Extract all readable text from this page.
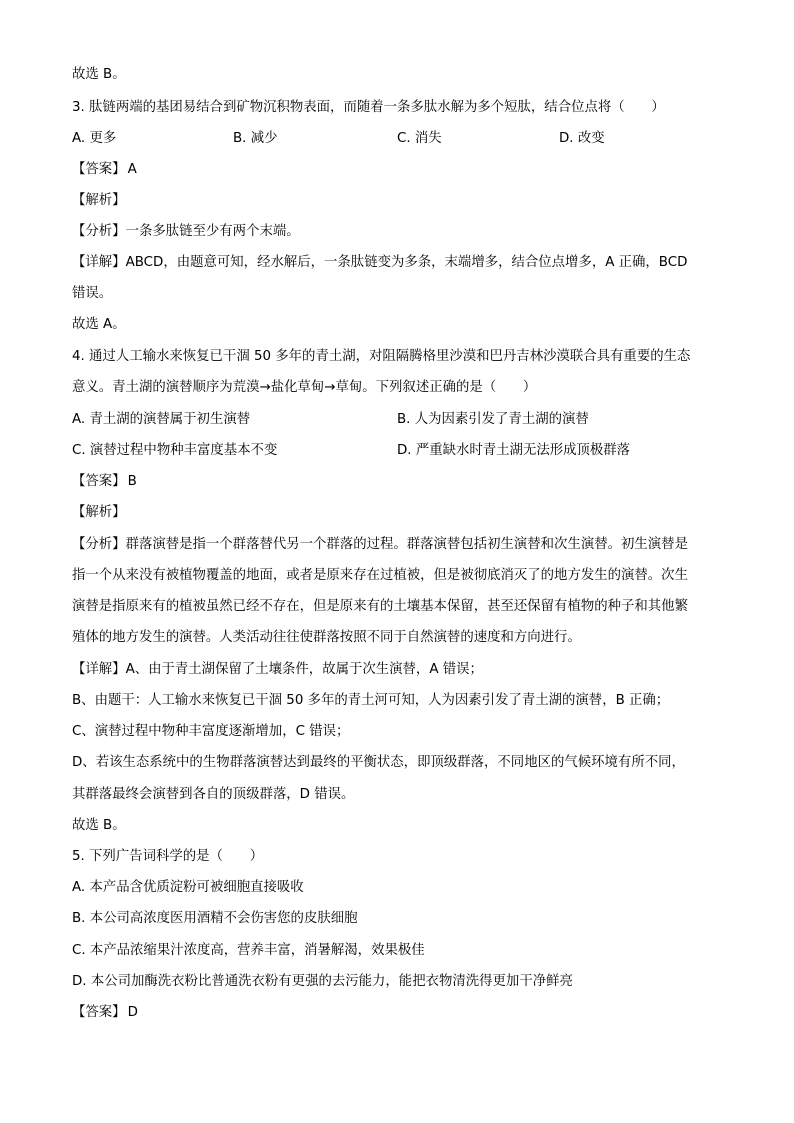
故选 B。
3. 肽链两端的基团易结合到矿物沉积物表面，而随着一条多肽水解为多个短肽，结合位点将（　　）
A. 更多	B. 减少	C. 消失	D. 改变
【答案】 A
【解析】
【分析】一条多肽链至少有两个末端。
【详解】ABCD，由题意可知，经水解后，一条肽链变为多条，末端增多，结合位点增多，A 正确，BCD
错误。
故选 A。
4. 通过人工输水来恢复已干涸 50 多年的青土湖，对阻隔腾格里沙漠和巴丹吉林沙漠联合具有重要的生态
意义。青土湖的演替顺序为荒漠→盐化草甸→草甸。下列叙述正确的是（　　）
A. 青土湖的演替属于初生演替	B. 人为因素引发了青土湖的演替
C. 演替过程中物种丰富度基本不变	D. 严重缺水时青土湖无法形成顶极群落
【答案】 B
【解析】
【分析】群落演替是指一个群落替代另一个群落的过程。群落演替包括初生演替和次生演替。初生演替是
指一个从来没有被植物覆盖的地面，或者是原来存在过植被，但是被彻底消灭了的地方发生的演替。次生
演替是指原来有的植被虽然已经不存在，但是原来有的土壤基本保留，甚至还保留有植物的种子和其他繁
殖体的地方发生的演替。人类活动往往使群落按照不同于自然演替的速度和方向进行。
【详解】A、由于青土湖保留了土壤条件，故属于次生演替，A 错误；
B、由题干：人工输水来恢复已干涸 50 多年的青土河可知，人为因素引发了青土湖的演替，B 正确；
C、演替过程中物种丰富度逐渐增加，C 错误；
D、若该生态系统中的生物群落演替达到最终的平衡状态，即顶级群落，不同地区的气候环境有所不同，
其群落最终会演替到各自的顶级群落，D 错误。
故选 B。
5. 下列广告词科学的是（　　）
A. 本产品含优质淀粉可被细胞直接吸收
B. 本公司高浓度医用酒精不会伤害您的皮肤细胞
C. 本产品浓缩果汁浓度高，营养丰富，消暑解渴，效果极佳
D. 本公司加酶洗衣粉比普通洗衣粉有更强的去污能力，能把衣物清洗得更加干净鲜亮
【答案】 D
